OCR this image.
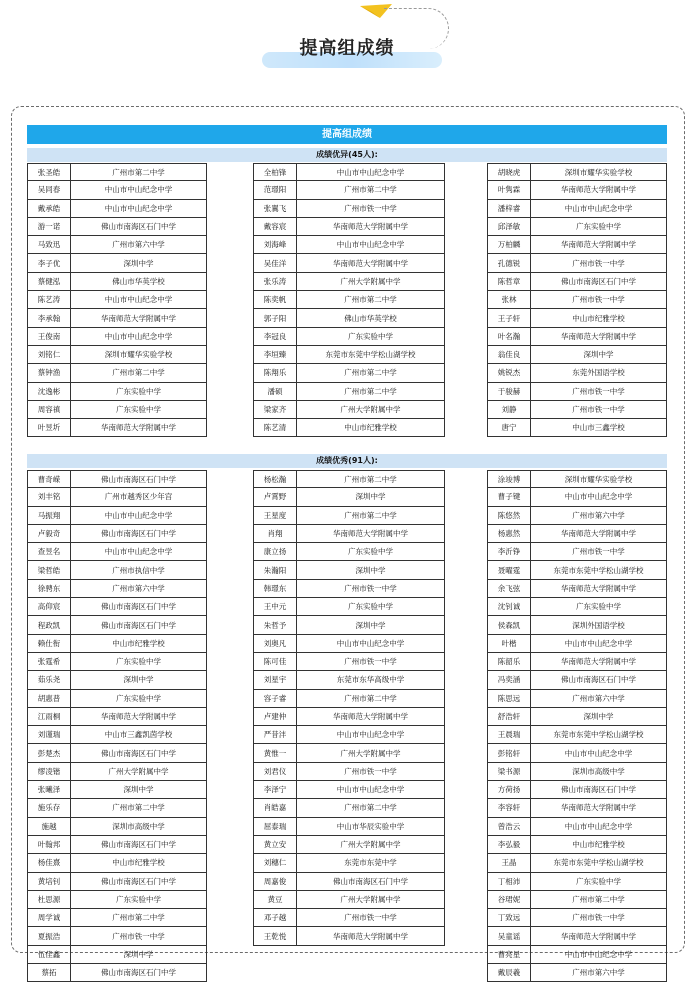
提高组成绩
提高组成绩
成绩优异(45人):
成绩优秀(91人):
张圣皓	广州市第二中学
吴同春	中山市中山纪念中学
戴承皓	中山市中山纪念中学
游一诺	佛山市南海区石门中学
马致迅	广州市第六中学
李子优	深圳中学
蔡健泓	佛山市华英学校
陈艺涛	中山市中山纪念中学
李承翰	华南师范大学附属中学
王俊南	中山市中山纪念中学
刘铭仁	深圳市耀华实验学校
蔡钟渔	广州市第二中学
沈逸彬	广东实验中学
周容禛	广东实验中学
叶昱圻	华南师范大学附属中学
全柏锋	中山市中山纪念中学
范璟阳	广州市第二中学
张翼飞	广州市铁一中学
戴容宸	华南师范大学附属中学
刘海峰	中山市中山纪念中学
吴佳洋	华南师范大学附属中学
张乐涛	广州大学附属中学
陈奕帆	广州市第二中学
郭子阳	佛山市华英学校
李冠良	广东实验中学
李垣臻	东莞市东莞中学松山湖学校
陈翔乐	广州市第二中学
潘硕	广州市第二中学
梁家齐	广州大学附属中学
陈艺清	中山市纪雅学校
胡晓虎	深圳市耀华实验学校
叶隽霖	华南师范大学附属中学
潘梓睿	中山市中山纪念中学
邱泽敏	广东实验中学
万柏麟	华南师范大学附属中学
孔德锐	广州市铁一中学
陈哲章	佛山市南海区石门中学
张林	广州市铁一中学
王子轩	中山市纪雅学校
叶名瀚	华南师范大学附属中学
翁佳良	深圳中学
姚锐杰	东莞外国语学校
于骏赫	广州市铁一中学
刘静	广州市铁一中学
唐宁	中山市三鑫学校
曹奇嵘	佛山市南海区石门中学
刘丰铭	广州市越秀区少年宫
马振翔	中山市中山纪念中学
卢毅奇	佛山市南海区石门中学
查昱名	中山市中山纪念中学
梁哲皓	广州市执信中学
徐骋东	广州市第六中学
高仰宸	佛山市南海区石门中学
程政凯	佛山市南海区石门中学
赖仕衔	中山市纪雅学校
张霆希	广东实验中学
茹乐尧	深圳中学
胡惠普	广东实验中学
江雨桐	华南师范大学附属中学
刘谨瑞	中山市三鑫凯茵学校
彭楚杰	佛山市南海区石门中学
缪凌锴	广州大学附属中学
张曦泽	深圳中学
施乐存	广州市第二中学
施越	深圳市高级中学
叶翰邦	佛山市南海区石门中学
杨佳熹	中山市纪雅学校
黄培钊	佛山市南海区石门中学
杜思源	广东实验中学
周学诚	广州市第二中学
夏振浩	广州市铁一中学
伍佳鑫	深圳中学
蔡拓	佛山市南海区石门中学
杨松瀚	广州市第二中学
卢霄野	深圳中学
王星度	广州市第二中学
肖翔	华南师范大学附属中学
康立扬	广东实验中学
朱瀚阳	深圳中学
韩璟东	广州市铁一中学
王中元	广东实验中学
朱哲予	深圳中学
刘奥凡	中山市中山纪念中学
陈可佳	广州市铁一中学
刘星宇	东莞市东华高级中学
容子睿	广州市第二中学
卢建仲	华南师范大学附属中学
严昔沣	中山市中山纪念中学
黄惟一	广州大学附属中学
刘君仪	广州市铁一中学
李泽宁	中山市中山纪念中学
肖皓嘉	广州市第二中学
屈泰瑞	中山市华辰实验中学
黄立安	广州大学附属中学
刘穗仁	东莞市东莞中学
周嘉俊	佛山市南海区石门中学
黄豆	广州大学附属中学
邓子越	广州市铁一中学
王乾悦	华南师范大学附属中学
涂竣博	深圳市耀华实验学校
曹子键	中山市中山纪念中学
陈悠然	广州市第六中学
杨惠然	华南师范大学附属中学
李沂铮	广州市铁一中学
聂曜霆	东莞市东莞中学松山湖学校
余飞弦	华南师范大学附属中学
沈钊诚	广东实验中学
侯森凯	深圳外国语学校
叶楷	中山市中山纪念中学
陈韶乐	华南师范大学附属中学
冯奕涵	佛山市南海区石门中学
陈思远	广州市第六中学
舒浩轩	深圳中学
王晨瑞	东莞市东莞中学松山湖学校
彭铭轩	中山市中山纪念中学
梁书源	深圳市高级中学
方荷扬	佛山市南海区石门中学
李容轩	华南师范大学附属中学
曾浩云	中山市中山纪念中学
李弘毅	中山市纪雅学校
王晶	东莞市东莞中学松山湖学校
丁相沛	广东实验中学
谷珺妮	广州市第二中学
丁致远	广州市铁一中学
吴童谣	华南师范大学附属中学
曹亮星	中山市中山纪念中学
戴辰羲	广州市第六中学
